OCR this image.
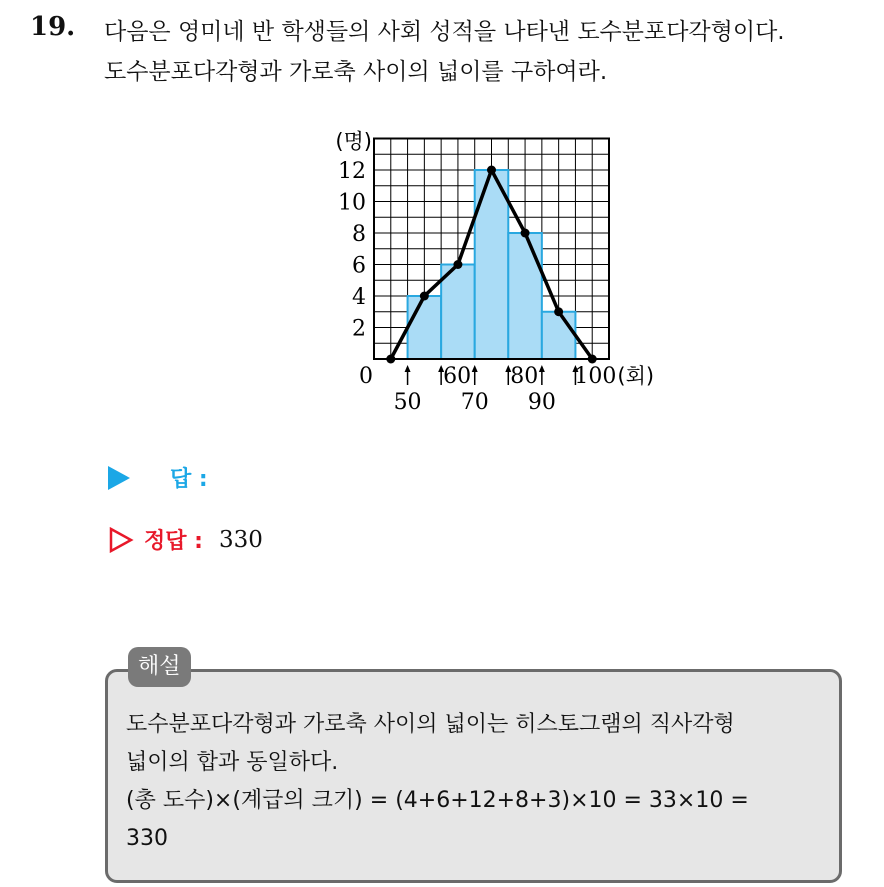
19. 다음은 영미네 반 학생들의 사회 성적을 나타낸 도수분포다각형이다.
도수분포다각형과 가로축 사이의 넓이를 구하여라.
2
4
6
8
10
12
(명)
0	60 80 100
50 70 90
(회)
답 :
정답 : 330
해설
도수분포다각형과 가로축 사이의 넓이는 히스토그램의 직사각형
넓이의 합과 동일하다.
(총 도수)×(계급의 크기) = (4+6+12+8+3)×10 = 33×10 =
330
